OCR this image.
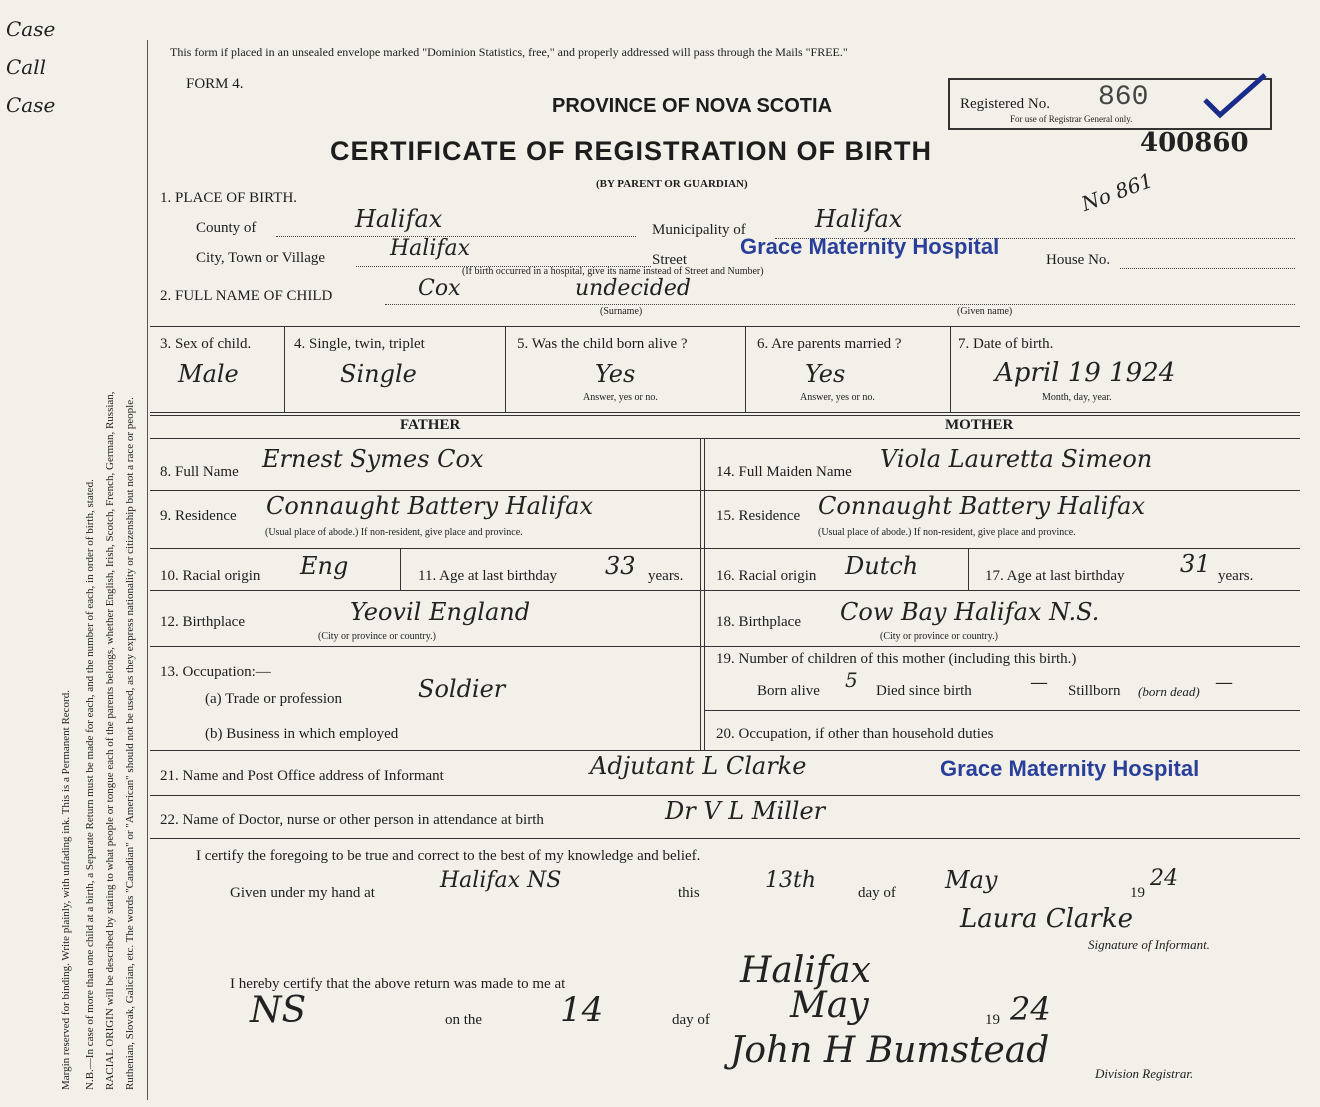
Case
Call
Case
Margin reserved for binding. Write plainly, with unfading ink. This is a Permanent Record. N.B.—In case of more than one child at a birth, a Separate Return must be made for each, and the number of each, in order of birth, stated. RACIAL ORIGIN will be described by stating to what people or tongue each of the parents belongs, whether English, Irish, Scotch, French, German, Russian, Ruthenian, Slovak, Galician, etc. The words "Canadian" or "American" should not be used, as they express nationality or citizenship but not a race or people.
This form if placed in an unsealed envelope marked "Dominion Statistics, free," and properly addressed will pass through the Mails "FREE."
FORM 4.
PROVINCE OF NOVA SCOTIA
CERTIFICATE OF REGISTRATION OF BIRTH
(BY PARENT OR GUARDIAN)
Registered No. 860
For use of Registrar General only.
400860
No 861
1. PLACE OF BIRTH.
County of	Halifax	Municipality of	Halifax
City, Town or Village	Halifax	Street
Grace Maternity Hospital
(If birth occurred in a hospital, give its name instead of Street and Number)
House No.
2. FULL NAME OF CHILD	Cox	undecided
(Surname)	(Given name)
3. Sex of child.
Male
4. Single, twin, triplet
Single
5. Was the child born alive ?
Yes
Answer, yes or no.
6. Are parents married ?
Yes
Answer, yes or no.
7. Date of birth.
April 19 1924
Month, day, year.
FATHER	MOTHER
8. Full Name Ernest Symes Cox	14. Full Maiden Name Viola Lauretta Simeon
9. Residence Connaught Battery Halifax
(Usual place of abode.) If non-resident, give place and province.
15. Residence Connaught Battery Halifax
(Usual place of abode.) If non-resident, give place and province.
10. Racial origin Eng	11. Age at last birthday 33 years. 16. Racial origin Dutch	17. Age at last birthday 31 years.
12. Birthplace	Yeovil England
(City or province or country.)
18. Birthplace Cow Bay Halifax N.S.
(City or province or country.)
13. Occupation:—
(a) Trade or profession	Soldier
(b) Business in which employed
19. Number of children of this mother (including this birth.)
Born alive 5 Died since birth	— Stillborn (born dead) —
20. Occupation, if other than household duties
21. Name and Post Office address of Informant	Adjutant L Clarke	Grace Maternity Hospital
22. Name of Doctor, nurse or other person in attendance at birth	Dr V L Miller
I certify the foregoing to be true and correct to the best of my knowledge and belief.
Given under my hand at	Halifax NS	this	13th	day of May	19
24
Laura Clarke
Signature of Informant.
I hereby certify that the above return was made to me at	Halifax
NS	on the 14	day of May	19 24
John H Bumstead
Division Registrar.
